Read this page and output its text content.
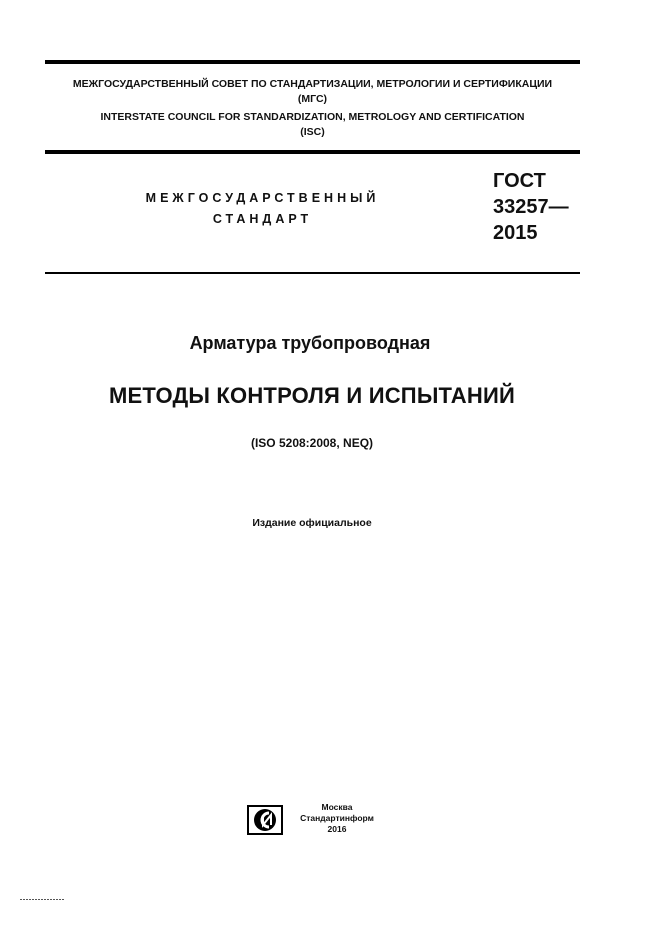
МЕЖГОСУДАРСТВЕННЫЙ СОВЕТ ПО СТАНДАРТИЗАЦИИ, МЕТРОЛОГИИ И СЕРТИФИКАЦИИ
(МГС)
INTERSTATE COUNCIL FOR STANDARDIZATION, METROLOGY AND CERTIFICATION
(ISC)
МЕЖГОСУДАРСТВЕННЫЙ
СТАНДАРТ
ГОСТ
33257—
2015
Арматура трубопроводная
МЕТОДЫ КОНТРОЛЯ И ИСПЫТАНИЙ
(ISO 5208:2008, NEQ)
Издание официальное
Москва
Стандартинформ
2016
